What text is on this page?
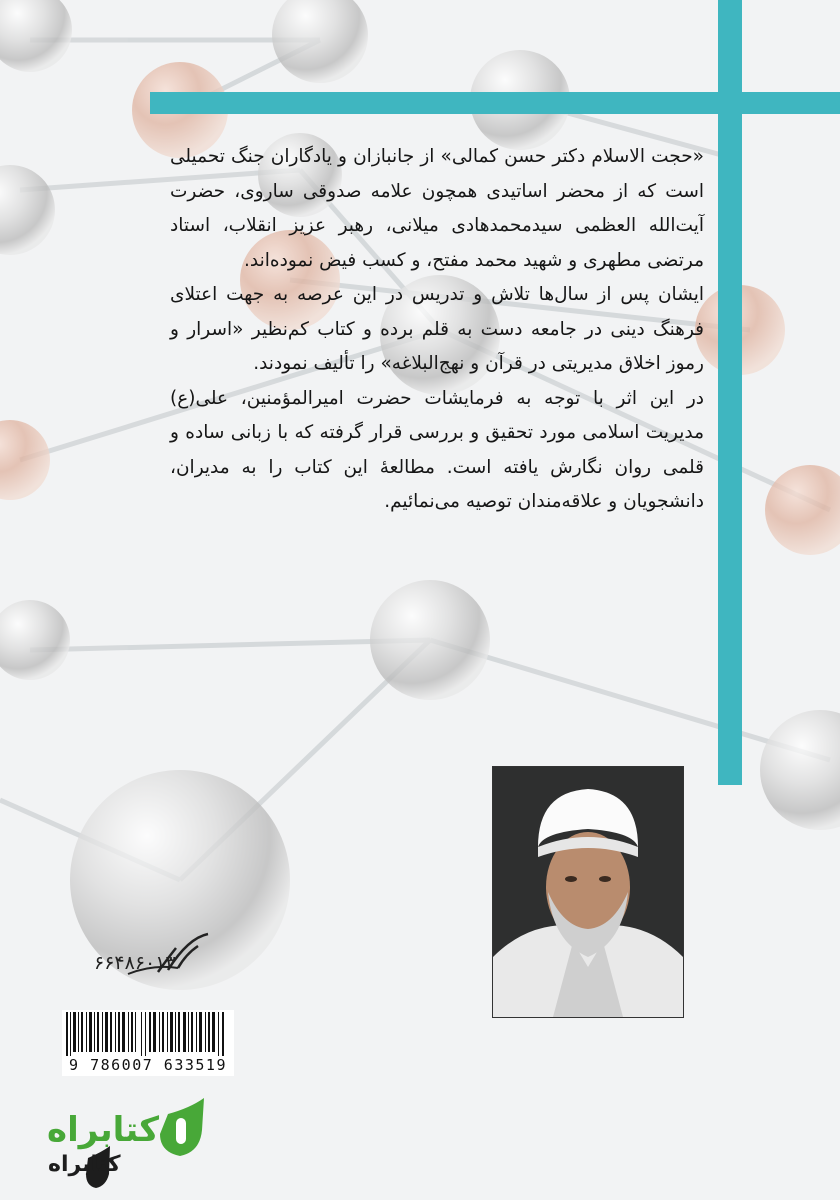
«حجت الاسلام دکتر حسن کمالی» از جانبازان و یادگاران جنگ تحمیلی است که از محضر اساتیدی همچون علامه صدوقی ساروی، حضرت آیت‌الله العظمی سیدمحمدهادی میلانی، رهبر عزیز انقلاب، استاد مرتضی مطهری و شهید محمد مفتح، و کسب فیض نموده‌اند.

ایشان پس از سال‌ها تلاش و تدریس در این عرصه به جهت اعتلای فرهنگ دینی در جامعه دست به قلم برده و کتاب کم‌نظیر «اسرار و رموز اخلاق مدیریتی در قرآن و نهج‌البلاغه» را تألیف نمودند.

در این اثر با توجه به فرمایشات حضرت امیرالمؤمنین، علی(ع) مدیریت اسلامی مورد تحقیق و بررسی قرار گرفته که با زبانی ساده و قلمی روان نگارش یافته است. مطالعهٔ این کتاب را به مدیران، دانشجویان و علاقه‌مندان توصیه می‌نمائیم.

۶۶۴۸۶۰۱۳
9 786007 633519
کتابراه
کتابراه
